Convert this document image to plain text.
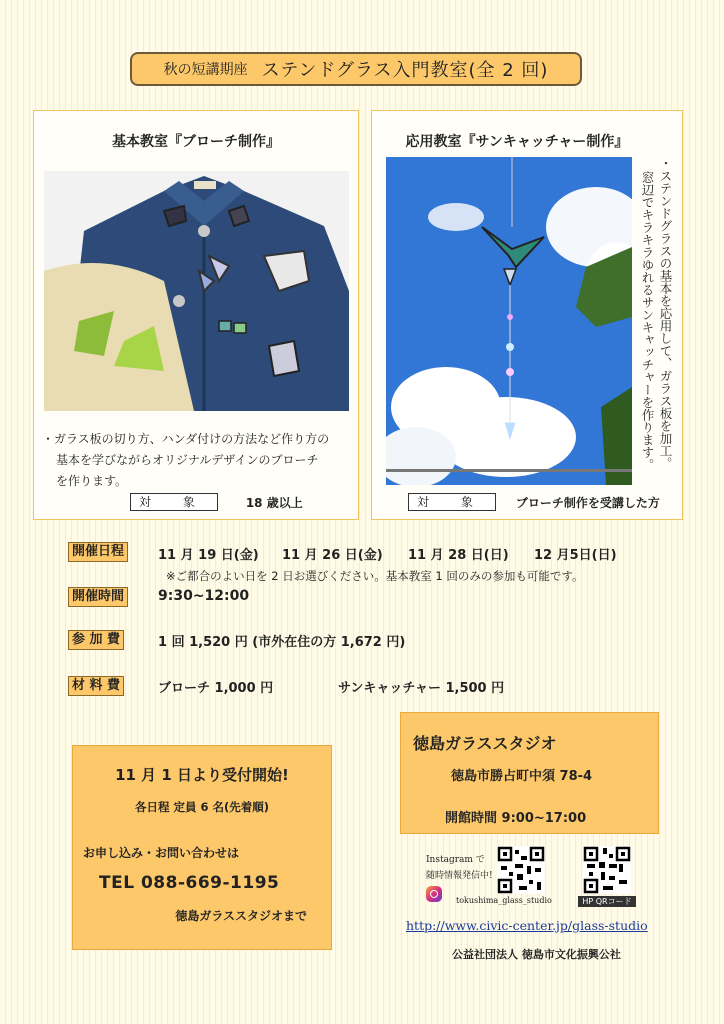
秋の短講期座 ステンドグラス入門教室(全 2 回)
基本教室『ブローチ制作』
・ガラス板の切り方、ハンダ付けの方法など作り方の
基本を学びながらオリジナルデザインのブローチ
を作ります。
対 象	18 歳以上
応用教室『サンキャッチャー制作』
・ステンドグラスの基本を応用して、ガラス板を加工。
窓辺でキラキラゆれるサンキャッチャーを作ります。
対 象	ブローチ制作を受講した方
開催日程	11 月 19 日(金) 11 月 26 日(金) 11 月 28 日(日) 12 月5日(日)
※ご都合のよい日を 2 日お選びください。基本教室 1 回のみの参加も可能です。
開催時間 9:30~12:00
参 加 費	1 回 1,520 円 (市外在住の方 1,672 円)
材 料 費	ブローチ 1,000 円	サンキャッチャー 1,500 円
11 月 1 日より受付開始!
各日程 定員 6 名(先着順)
お申し込み・お問い合わせは
TEL 088-669-1195
徳島ガラススタジオまで
徳島ガラススタジオ
徳島市勝占町中須 78-4
開館時間 9:00~17:00
Instagram で
随時情報発信中!
tokushima_glass_studio	HP QRコード
http://www.civic-center.jp/glass-studio
公益社団法人 徳島市文化振興公社
